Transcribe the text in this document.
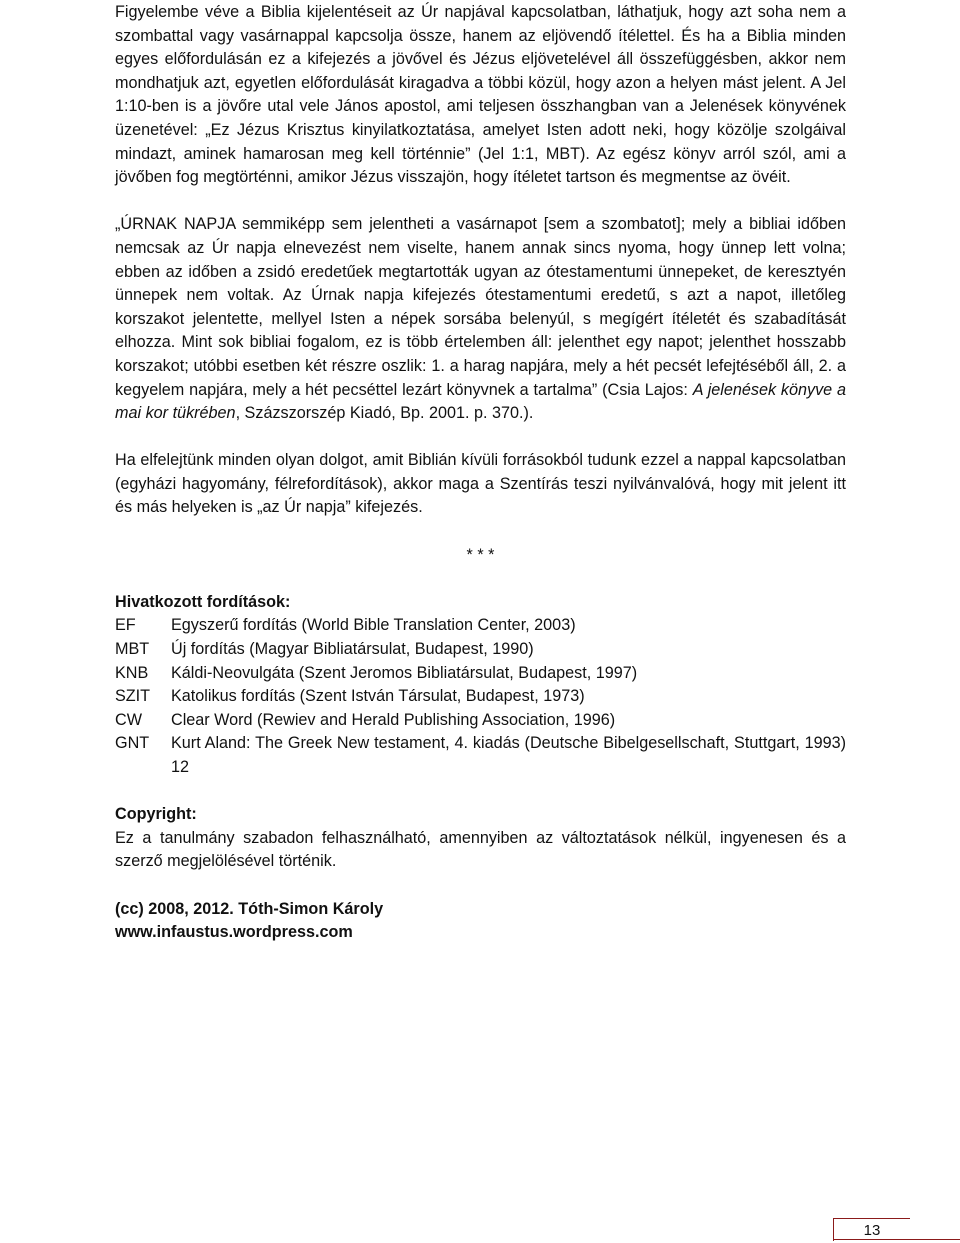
Figyelembe véve a Biblia kijelentéseit az Úr napjával kapcsolatban, láthatjuk, hogy azt soha nem a szombattal vagy vasárnappal kapcsolja össze, hanem az eljövendő ítélettel. És ha a Biblia minden egyes előfordulásán ez a kifejezés a jövővel és Jézus eljövetelével áll összefüggésben, akkor nem mondhatjuk azt, egyetlen előfordulását kiragadva a többi közül, hogy azon a helyen mást jelent. A Jel 1:10-ben is a jövőre utal vele János apostol, ami teljesen összhangban van a Jelenések könyvének üzenetével: „Ez Jézus Krisztus kinyilatkoztatása, amelyet Isten adott neki, hogy közölje szolgáival mindazt, aminek hamarosan meg kell történnie” (Jel 1:1, MBT). Az egész könyv arról szól, ami a jövőben fog megtörténni, amikor Jézus visszajön, hogy ítéletet tartson és megmentse az övéit.

„ÚRNAK NAPJA semmiképp sem jelentheti a vasárnapot [sem a szombatot]; mely a bibliai időben nemcsak az Úr napja elnevezést nem viselte, hanem annak sincs nyoma, hogy ünnep lett volna; ebben az időben a zsidó eredetűek megtartották ugyan az ótestamentumi ünnepeket, de keresztyén ünnepek nem voltak. Az Úrnak napja kifejezés ótestamentumi eredetű, s azt a napot, illetőleg korszakot jelentette, mellyel Isten a népek sorsába belenyúl, s megígért ítéletét és szabadítását elhozza. Mint sok bibliai fogalom, ez is több értelemben áll: jelenthet egy napot; jelenthet hosszabb korszakot; utóbbi esetben két részre oszlik: 1. a harag napjára, mely a hét pecsét lefejtéséből áll, 2. a kegyelem napjára, mely a hét pecséttel lezárt könyvnek a tartalma” (Csia Lajos: A jelenések könyve a mai kor tükrében, Százszorszép Kiadó, Bp. 2001. p. 370.).

Ha elfelejtünk minden olyan dolgot, amit Biblián kívüli forrásokból tudunk ezzel a nappal kapcsolatban (egyházi hagyomány, félrefordítások), akkor maga a Szentírás teszi nyilvánvalóvá, hogy mit jelent itt és más helyeken is „az Úr napja” kifejezés.

* * *
Hivatkozott fordítások:
EF	Egyszerű fordítás (World Bible Translation Center, 2003)
MBT	Új fordítás (Magyar Bibliatársulat, Budapest, 1990)
KNB	Káldi-Neovulgáta (Szent Jeromos Bibliatársulat, Budapest, 1997)
SZIT	Katolikus fordítás (Szent István Társulat, Budapest, 1973)
CW	Clear Word (Rewiev and Herald Publishing Association, 1996)
GNT	Kurt Aland: The Greek New testament, 4. kiadás (Deutsche Bibelgesellschaft, Stuttgart, 1993) 12
Copyright:

Ez a tanulmány szabadon felhasználható, amennyiben az változtatások nélkül, ingyenesen és a szerző megjelölésével történik.

(cc) 2008, 2012. Tóth-Simon Károly
www.infaustus.wordpress.com
13
